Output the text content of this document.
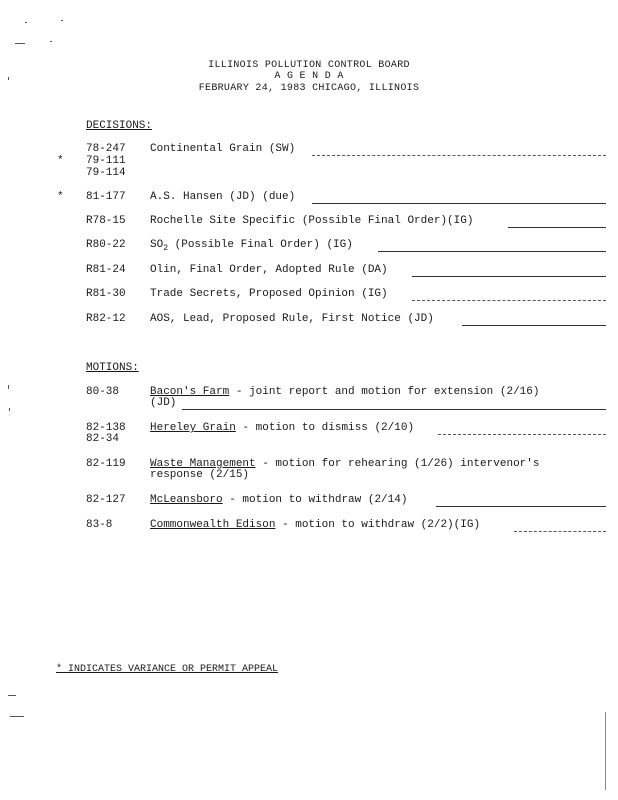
ILLINOIS POLLUTION CONTROL BOARD
A G E N D A
FEBRUARY 24, 1983 CHICAGO, ILLINOIS
DECISIONS:
78-247
* 79-111
79-114
Continental Grain (SW)
* 81-177 A.S. Hansen (JD) (due)
R78-15 Rochelle Site Specific (Possible Final Order)(IG)
R80-22 $SO_2$ (Possible Final Order) (IG)
R81-24 Olin, Final Order, Adopted Rule (DA)
R81-30 Trade Secrets, Proposed Opinion (IG)
R82-12 AOS, Lead, Proposed Rule, First Notice (JD)
MOTIONS:
80-38	Bacon's Farm - joint report and motion for extension (2/16)
(JD)
82-138
82-34
Hereley Grain - motion to dismiss (2/10)
82-119 Waste Management - motion for rehearing (1/26) intervenor's
response (2/15)
82-127 McLeansboro - motion to withdraw (2/14)
83-8	Commonwealth Edison - motion to withdraw (2/2)(IG)
* INDICATES VARIANCE OR PERMIT APPEAL
